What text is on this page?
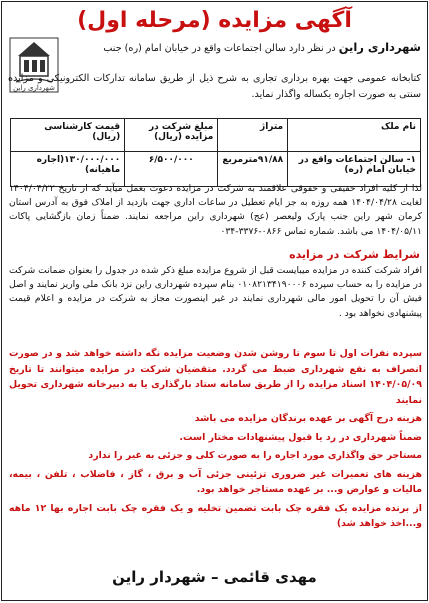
آگهی مزایده (مرحله اول)
شهرداری راین
شهرداری راین در نظر دارد سالن اجتماعات واقع در خیابان امام (ره) جنب
کتابخانه عمومی جهت بهره برداری تجاری به شرح ذیل از طریق سامانه تدارکات الکترونیکی و مزایده سنتی به صورت اجاره یکساله واگذار نماید.
نام ملک	متراژ	مبلغ شرکت در مزایده (ریال)	قیمت کارشناسی (ریال)
۱- سالن اجتماعات واقع در خیابان امام (ره)	۹۱/۸۸مترمربع	۶/۵۰۰/۰۰۰	۱۳۰/۰۰۰/۰۰۰(اجاره ماهیانه)
لذا از کلیه افراد حقیقی و حقوقی علاقمند به شرکت در مزایده دعوت بعمل میآید که از تاریخ ۱۴۰۴/۰۴/۲۲ لغایت ۱۴۰۴/۰۴/۲۸ همه روزه به جز ایام تعطیل در ساعات اداری جهت بازدید از املاک فوق به آدرس استان کرمان شهر راین جنب پارک ولیعصر (عج) شهرداری راین مراجعه نمایند. ضمناً زمان بازگشایی پاکات ۱۴۰۴/۰۵/۱۱ می باشد. شماره تماس ۰۸۶۶-۳۳۷۶-۰۳۴
شرایط شرکت در مزایده
افراد شرکت کننده در مزایده میبایست قبل از شروع مزایده مبلغ ذکر شده در جدول را بعنوان ضمانت شرکت در مزایده را به حساب سپرده ۰۱۰۸۲۱۳۴۱۹۰۰۰۶ بنام سپرده شهرداری راین نزد بانک ملی واریز نمایند و اصل فیش آن را تحویل امور مالی شهرداری نمایند در غیر اینصورت مجاز به شرکت در مزایده و اعلام قیمت پیشنهادی نخواهد بود .

سپرده نفرات اول تا سوم تا روشن شدن وضعیت مزایده نگه داشته خواهد شد و در صورت انصراف به نفع شهرداری ضبط می گردد. متقضیان شرکت در مزایده میتوانند تا تاریخ ۱۴۰۴/۰۵/۰۹ اسناد مزایده را از طریق سامانه ستاد بارگذاری یا به دبیرخانه شهرداری تحویل نمایند

هزینه درج آگهی بر عهده برندگان مزایده می باشد

ضمناً شهرداری در رد یا قبول پیشنهادات مختار است.

مستاجر حق واگذاری مورد اجاره را به صورت کلی و جزئی به غیر را ندارد

هزینه های تعمیرات غیر ضروری تزئینی جزئی آب و برق ، گاز ، فاضلاب ، تلفن ، بیمه، مالیات و عوارض و... بر عهده مستاجر خواهد بود.

از برنده مزایده یک فقره چک بابت تضمین تخلیه و یک فقره چک بابت اجاره بها ۱۲ ماهه و...اخذ خواهد شد)

مهدی قائمی – شهردار راین
